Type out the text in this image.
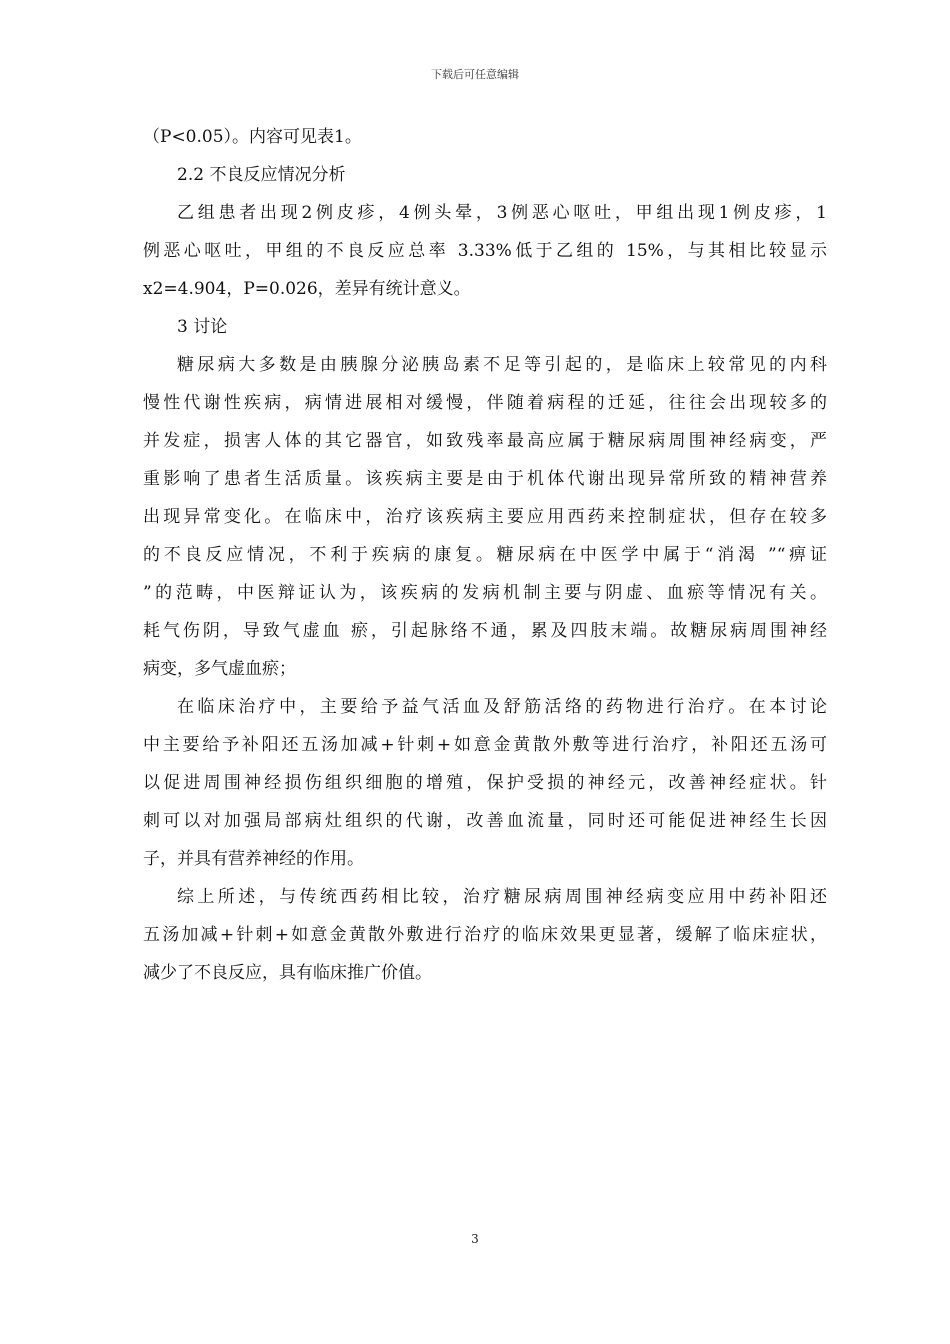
下载后可任意编辑
（P<0.05）。内容可见表1。
2.2 不良反应情况分析
乙组患者出现2例皮疹，4例头晕，3例恶心呕吐，甲组出现1例皮疹，1
例恶心呕吐，甲组的不良反应总率 3.33%低于乙组的 15%，与其相比较显示
x2=4.904，P=0.026，差异有统计意义。
3 讨论
糖尿病大多数是由胰腺分泌胰岛素不足等引起的，是临床上较常见的内科
慢性代谢性疾病，病情进展相对缓慢，伴随着病程的迁延，往往会出现较多的
并发症，损害人体的其它器官，如致残率最高应属于糖尿病周围神经病变，严
重影响了患者生活质量。该疾病主要是由于机体代谢出现异常所致的精神营养
出现异常变化。在临床中，治疗该疾病主要应用西药来控制症状，但存在较多
的不良反应情况，不利于疾病的康复。糖尿病在中医学中属于“消渴 ”“痹证
”的范畴，中医辩证认为，该疾病的发病机制主要与阴虚、血瘀等情况有关。
耗气伤阴，导致气虚血 瘀，引起脉络不通，累及四肢末端。故糖尿病周围神经
病变，多气虚血瘀；
在临床治疗中，主要给予益气活血及舒筋活络的药物进行治疗。在本讨论
中主要给予补阳还五汤加减+针刺+如意金黄散外敷等进行治疗，补阳还五汤可
以促进周围神经损伤组织细胞的增殖，保护受损的神经元，改善神经症状。针
刺可以对加强局部病灶组织的代谢，改善血流量，同时还可能促进神经生长因
子，并具有营养神经的作用。
综上所述，与传统西药相比较，治疗糖尿病周围神经病变应用中药补阳还
五汤加减+针刺+如意金黄散外敷进行治疗的临床效果更显著，缓解了临床症状，
减少了不良反应，具有临床推广价值。
3
